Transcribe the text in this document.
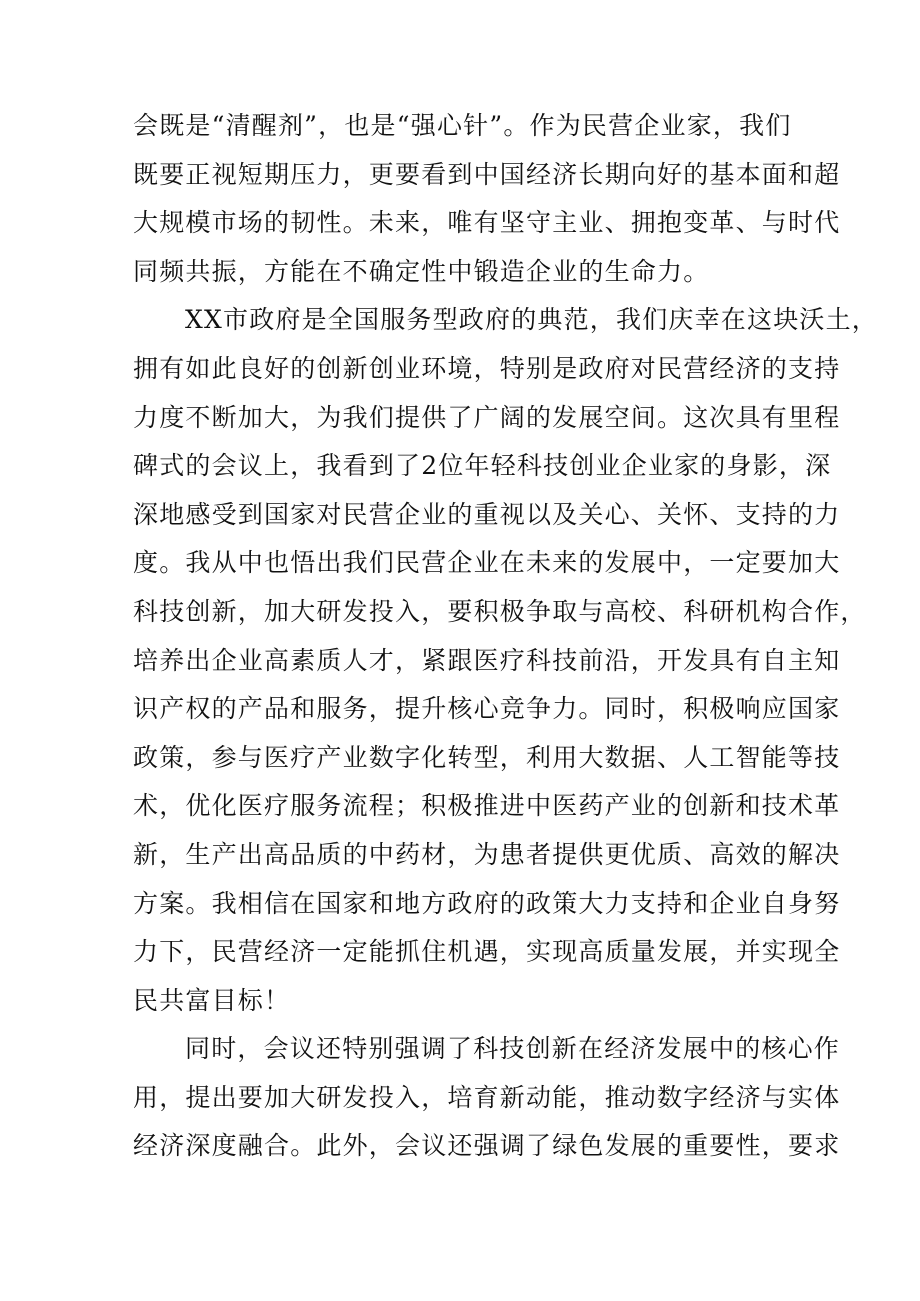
会既是“清醒剂”，也是“强心针”。作为民营企业家，我们
既要正视短期压力，更要看到中国经济长期向好的基本面和超
大规模市场的韧性。未来，唯有坚守主业、拥抱变革、与时代
同频共振，方能在不确定性中锻造企业的生命力。
XX市政府是全国服务型政府的典范，我们庆幸在这块沃土，
拥有如此良好的创新创业环境，特别是政府对民营经济的支持
力度不断加大，为我们提供了广阔的发展空间。这次具有里程
碑式的会议上，我看到了2位年轻科技创业企业家的身影，深
深地感受到国家对民营企业的重视以及关心、关怀、支持的力
度。我从中也悟出我们民营企业在未来的发展中，一定要加大
科技创新，加大研发投入，要积极争取与高校、科研机构合作，
培养出企业高素质人才，紧跟医疗科技前沿，开发具有自主知
识产权的产品和服务，提升核心竞争力。同时，积极响应国家
政策，参与医疗产业数字化转型，利用大数据、人工智能等技
术，优化医疗服务流程；积极推进中医药产业的创新和技术革
新，生产出高品质的中药材，为患者提供更优质、高效的解决
方案。我相信在国家和地方政府的政策大力支持和企业自身努
力下，民营经济一定能抓住机遇，实现高质量发展，并实现全
民共富目标！
同时，会议还特别强调了科技创新在经济发展中的核心作
用，提出要加大研发投入，培育新动能，推动数字经济与实体
经济深度融合。此外，会议还强调了绿色发展的重要性，要求
